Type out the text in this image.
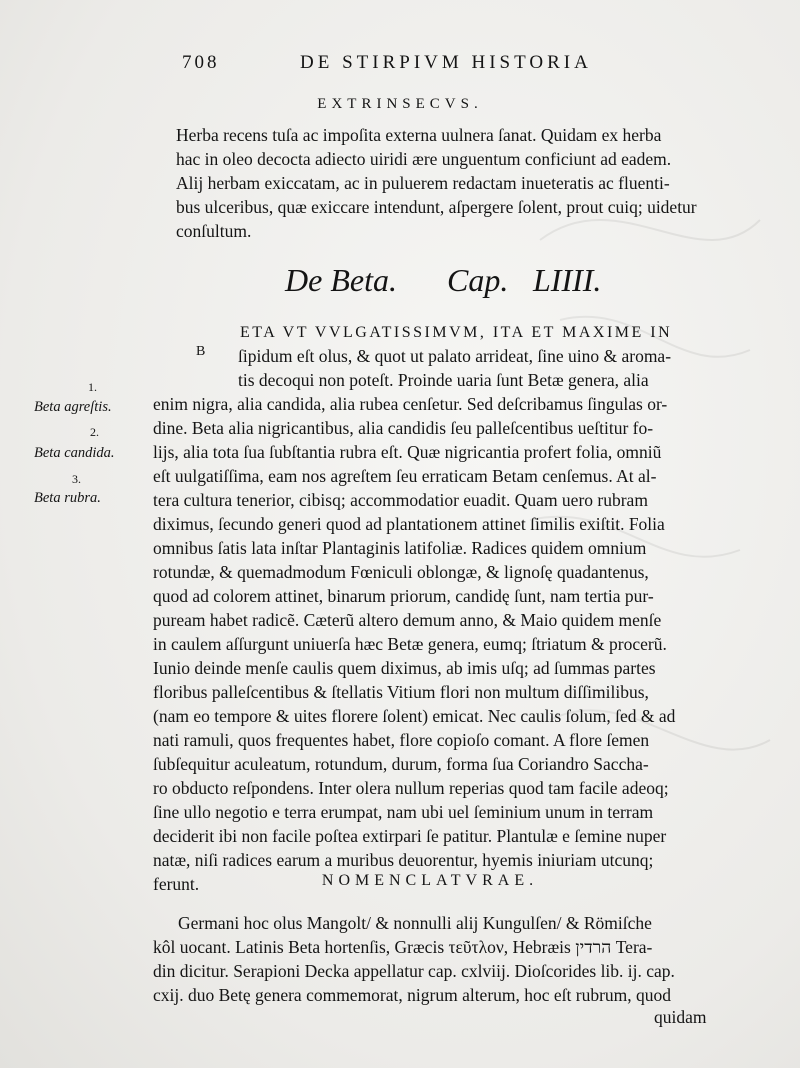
708	DE STIRPIVM HISTORIA
EXTRINSECVS.
Herba recens tuſa ac impoſita externa uulnera ſanat. Quidam ex herba
hac in oleo decocta adiecto uiridi ære unguentum conficiunt ad eadem.
Alij herbam exiccatam, ac in puluerem redactam inueteratis ac fluenti-
bus ulceribus, quæ exiccare intendunt, aſpergere ſolent, prout cuiq; uidetur
conſultum.
De Beta. Cap. LIIII.
B
ETA VT VVLGATISSIMVM, ITA ET MAXIME IN
ſipidum eſt olus, & quot ut palato arrideat, ſine uino & aroma-
tis decoqui non poteſt. Proinde uaria ſunt Betæ genera, alia
enim nigra, alia candida, alia rubea cenſetur. Sed deſcribamus ſingulas or-
dine. Beta alia nigricantibus, alia candidis ſeu palleſcentibus ueſtitur fo-
lijs, alia tota ſua ſubſtantia rubra eſt. Quæ nigricantia profert folia, omniũ
eſt uulgatiſſima, eam nos agreſtem ſeu erraticam Betam cenſemus. At al-
tera cultura tenerior, cibisq; accommodatior euadit. Quam uero rubram
diximus, ſecundo generi quod ad plantationem attinet ſimilis exiſtit. Folia
omnibus ſatis lata inſtar Plantaginis latifoliæ. Radices quidem omnium
rotundæ, & quemadmodum Fœniculi oblongæ, & lignoſę quadantenus,
quod ad colorem attinet, binarum priorum, candidę ſunt, nam tertia pur-
puream habet radicẽ. Cæterũ altero demum anno, & Maio quidem menſe
in caulem aſſurgunt uniuerſa hæc Betæ genera, eumq; ſtriatum & procerũ.
Iunio deinde menſe caulis quem diximus, ab imis uſq; ad ſummas partes
floribus palleſcentibus & ſtellatis Vitium flori non multum diſſimilibus,
(nam eo tempore & uites florere ſolent) emicat. Nec caulis ſolum, ſed & ad
nati ramuli, quos frequentes habet, flore copioſo comant. A flore ſemen
ſubſequitur aculeatum, rotundum, durum, forma ſua Coriandro Saccha-
ro obducto reſpondens. Inter olera nullum reperias quod tam facile adeoq;
ſine ullo negotio e terra erumpat, nam ubi uel ſeminium unum in terram
deciderit ibi non facile poſtea extirpari ſe patitur. Plantulæ e ſemine nuper
natæ, niſi radices earum a muribus deuorentur, hyemis iniuriam utcunq;
ferunt.
1.
Beta agreſtis.
2.
Beta candida.
3.
Beta rubra.
NOMENCLATVRAE.
Germani hoc olus Mangolt/ & nonnulli alij Kungulſen/ & Römiſche
kôl uocant. Latinis Beta hortenſis, Græcis τεῦτλον, Hebræis הרדין Tera-
din dicitur. Serapioni Decka appellatur cap. cxlviij. Dioſcorides lib. ij. cap.
cxij. duo Betę genera commemorat, nigrum alterum, hoc eſt rubrum, quod
quidam
